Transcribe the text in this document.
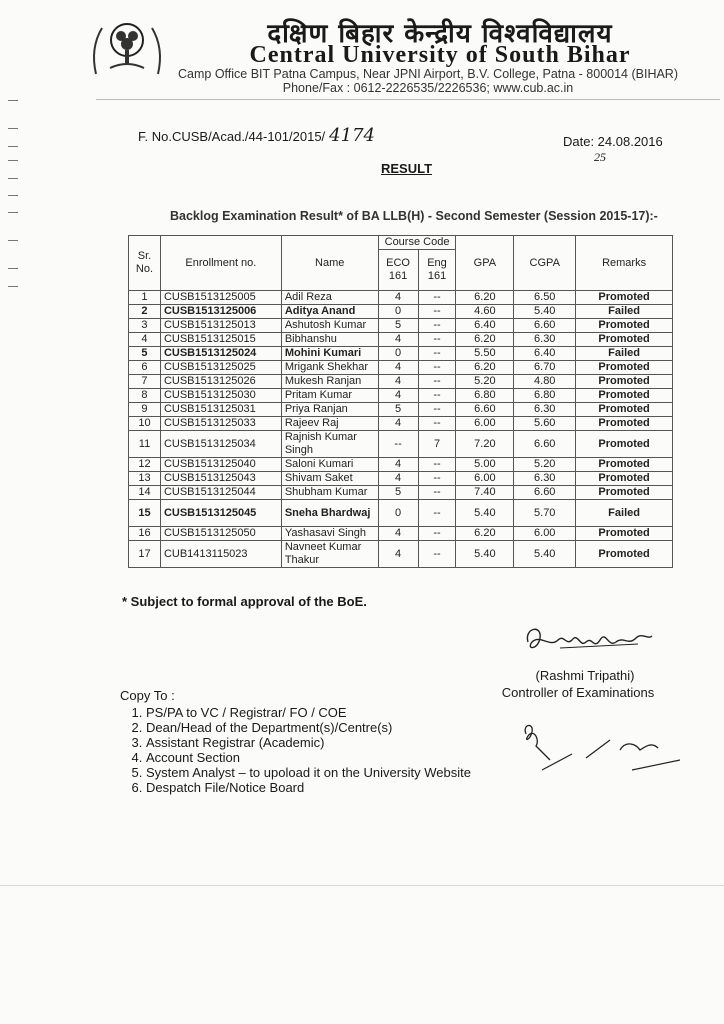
दक्षिण बिहार केन्द्रीय विश्वविद्यालय
Central University of South Bihar
Camp Office BIT Patna Campus, Near JPNI Airport, B.V. College, Patna - 800014 (BIHAR)
Phone/Fax : 0612-2226535/2226536; www.cub.ac.in
F. No.CUSB/Acad./44-101/2015/ 4174	Date: 24.08.2016
25
RESULT
Backlog Examination Result* of BA LLB(H) - Second Semester (Session 2015-17):-
Sr. No.	Enrollment no.	Name	Course Code		GPA	CGPA	Remarks
			ECO 161	Eng 161			
1	CUSB1513125005	Adil Reza	4	--	6.20	6.50	Promoted
2	CUSB1513125006	Aditya Anand	0	--	4.60	5.40	Failed
3	CUSB1513125013	Ashutosh Kumar	5	--	6.40	6.60	Promoted
4	CUSB1513125015	Bibhanshu	4	--	6.20	6.30	Promoted
5	CUSB1513125024	Mohini Kumari	0	--	5.50	6.40	Failed
6	CUSB1513125025	Mrigank Shekhar	4	--	6.20	6.70	Promoted
7	CUSB1513125026	Mukesh Ranjan	4	--	5.20	4.80	Promoted
8	CUSB1513125030	Pritam Kumar	4	--	6.80	6.80	Promoted
9	CUSB1513125031	Priya Ranjan	5	--	6.60	6.30	Promoted
10	CUSB1513125033	Rajeev Raj	4	--	6.00	5.60	Promoted
11	CUSB1513125034	Rajnish Kumar Singh	--	7	7.20	6.60	Promoted
12	CUSB1513125040	Saloni Kumari	4	--	5.00	5.20	Promoted
13	CUSB1513125043	Shivam Saket	4	--	6.00	6.30	Promoted
14	CUSB1513125044	Shubham Kumar	5	--	7.40	6.60	Promoted
15	CUSB1513125045	Sneha Bhardwaj	0	--	5.40	5.70	Failed
16	CUSB1513125050	Yashasavi Singh	4	--	6.20	6.00	Promoted
17	CUB1413115023	Navneet Kumar Thakur	4	--	5.40	5.40	Promoted
* Subject to formal approval of the BoE.
(Rashmi Tripathi)
Controller of Examinations
Copy To :
1. PS/PA to VC / Registrar/ FO / COE
2. Dean/Head of the Department(s)/Centre(s)
3. Assistant Registrar (Academic)
4. Account Section
5. System Analyst – to upoload it on the University Website
6. Despatch File/Notice Board
